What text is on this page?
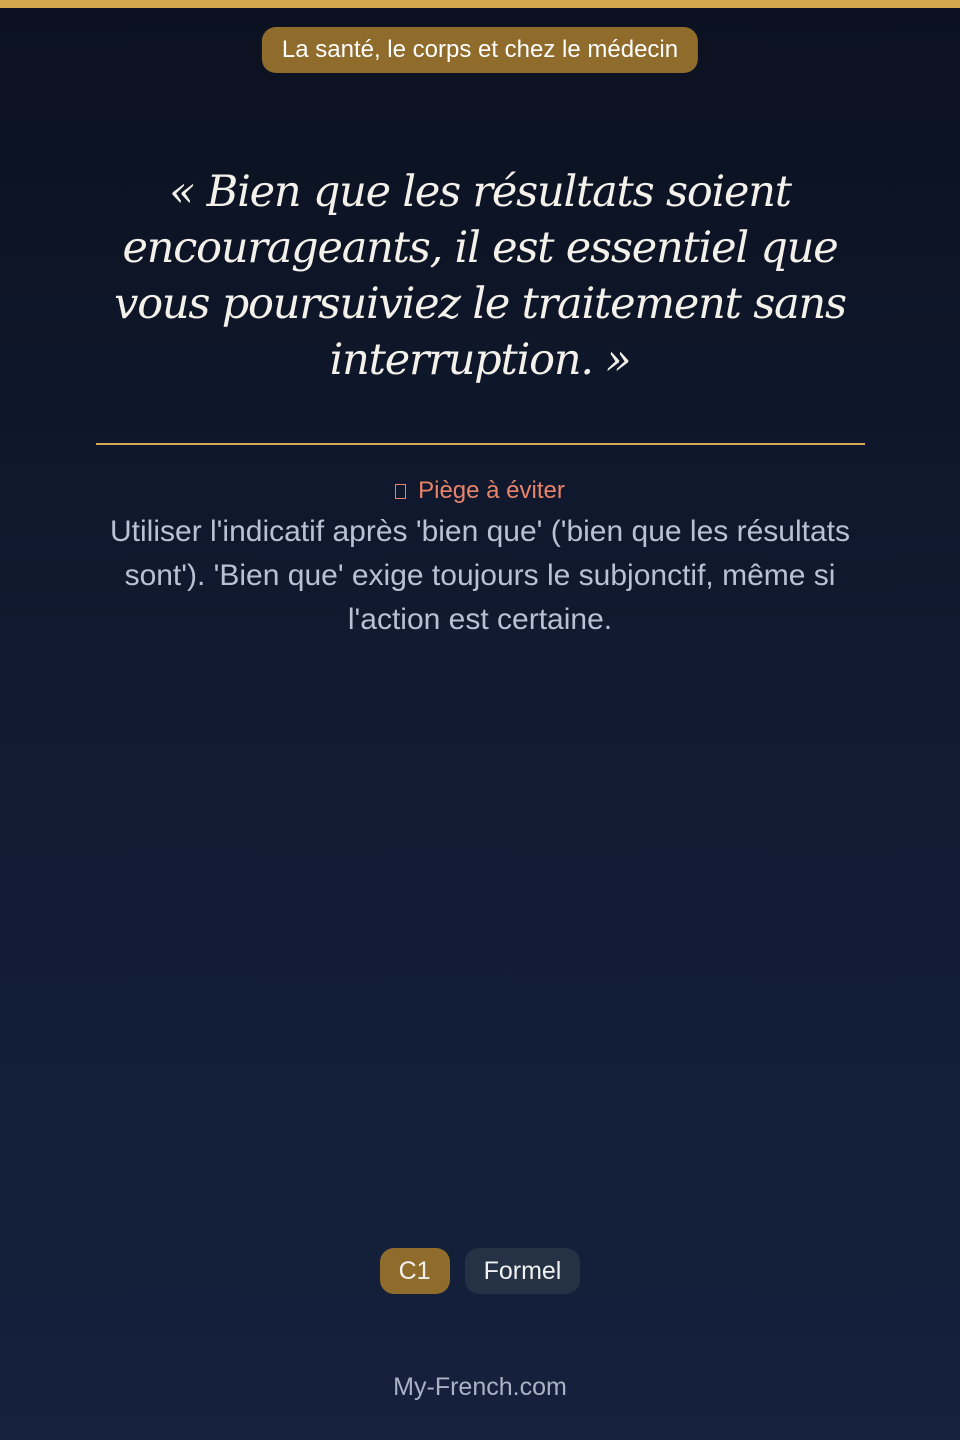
La santé, le corps et chez le médecin

« Bien que les résultats soient encourageants, il est essentiel que vous poursuiviez le traitement sans interruption. »

Piège à éviter

Utiliser l'indicatif après 'bien que' ('bien que les résultats sont'). 'Bien que' exige toujours le subjonctif, même si l'action est certaine.

C1	Formel
My-French.com
